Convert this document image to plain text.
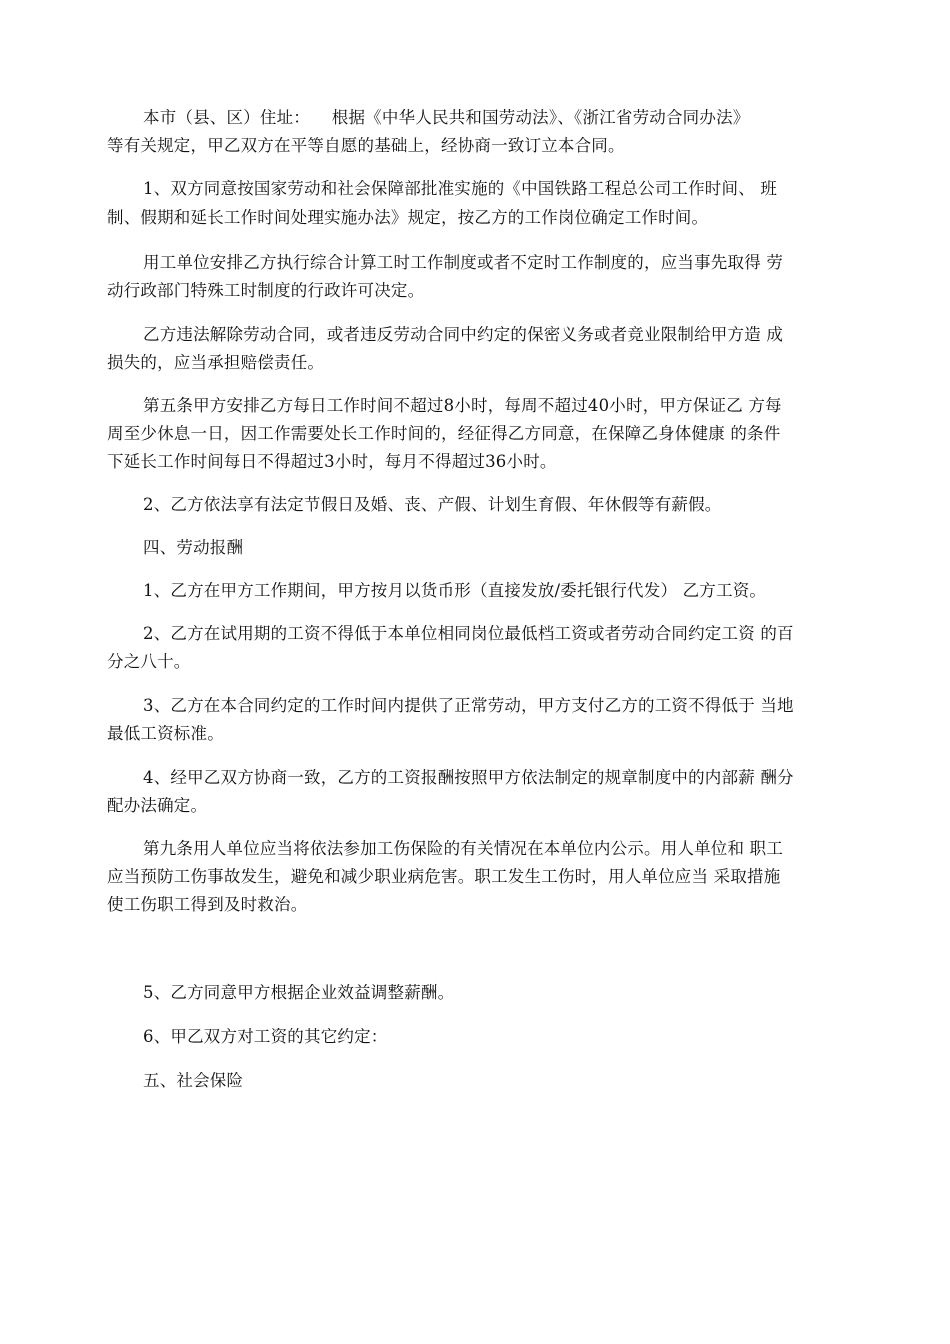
本市（县、区）住址：    根据《中华人民共和国劳动法》、《浙江省劳动合同办法》
等有关规定，甲乙双方在平等自愿的基础上，经协商一致订立本合同。
1、双方同意按国家劳动和社会保障部批准实施的《中国铁路工程总公司工作时间、 班
制、假期和延长工作时间处理实施办法》规定，按乙方的工作岗位确定工作时间。
用工单位安排乙方执行综合计算工时工作制度或者不定时工作制度的，应当事先取得 劳
动行政部门特殊工时制度的行政许可决定。
乙方违法解除劳动合同，或者违反劳动合同中约定的保密义务或者竞业限制给甲方造 成
损失的，应当承担赔偿责任。
第五条甲方安排乙方每日工作时间不超过8小时，每周不超过40小时，甲方保证乙 方每
周至少休息一日，因工作需要处长工作时间的，经征得乙方同意，在保障乙身体健康 的条件
下延长工作时间每日不得超过3小时，每月不得超过36小时。
2、乙方依法享有法定节假日及婚、丧、产假、计划生育假、年休假等有薪假。
四、劳动报酬
1、乙方在甲方工作期间，甲方按月以货币形（直接发放/委托银行代发） 乙方工资。
2、乙方在试用期的工资不得低于本单位相同岗位最低档工资或者劳动合同约定工资 的百
分之八十。
3、乙方在本合同约定的工作时间内提供了正常劳动，甲方支付乙方的工资不得低于 当地
最低工资标准。
4、经甲乙双方协商一致，乙方的工资报酬按照甲方依法制定的规章制度中的内部薪 酬分
配办法确定。
第九条用人单位应当将依法参加工伤保险的有关情况在本单位内公示。用人单位和 职工
应当预防工伤事故发生，避免和减少职业病危害。职工发生工伤时，用人单位应当 采取措施
使工伤职工得到及时救治。
5、乙方同意甲方根据企业效益调整薪酬。
6、甲乙双方对工资的其它约定：
五、社会保险
